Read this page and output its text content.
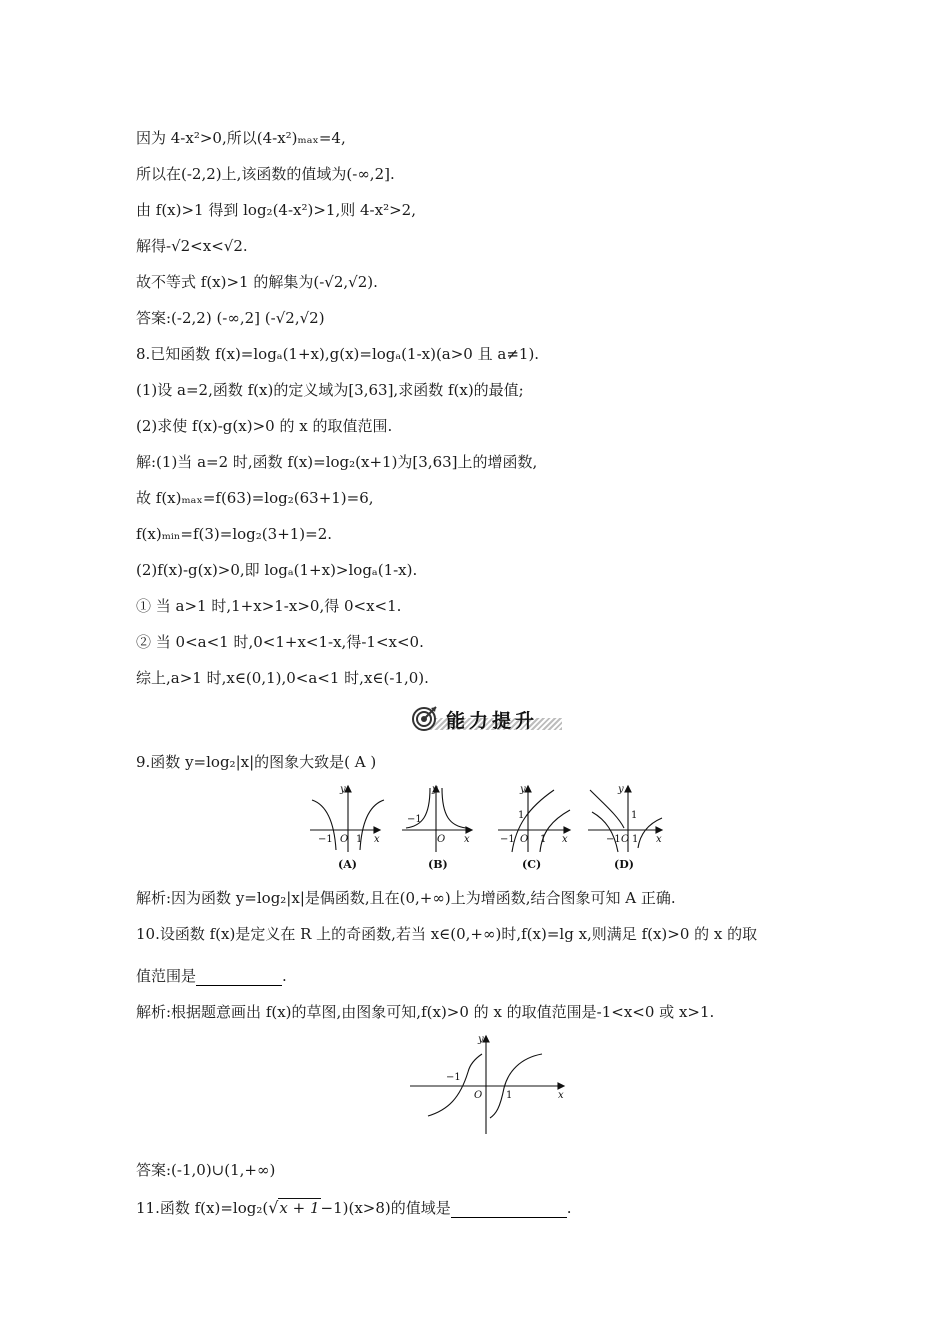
因为 4-x²>0,所以(4-x²)ₘₐₓ=4,
所以在(-2,2)上,该函数的值域为(-∞,2].
由 f(x)>1 得到 log₂(4-x²)>1,则 4-x²>2,
解得-√2<x<√2.
故不等式 f(x)>1 的解集为(-√2,√2).
答案:(-2,2) (-∞,2] (-√2,√2)
8.已知函数 f(x)=logₐ(1+x),g(x)=logₐ(1-x)(a>0 且 a≠1).
(1)设 a=2,函数 f(x)的定义域为[3,63],求函数 f(x)的最值;
(2)求使 f(x)-g(x)>0 的 x 的取值范围.
解:(1)当 a=2 时,函数 f(x)=log₂(x+1)为[3,63]上的增函数,
故 f(x)ₘₐₓ=f(63)=log₂(63+1)=6,
f(x)ₘᵢₙ=f(3)=log₂(3+1)=2.
(2)f(x)-g(x)>0,即 logₐ(1+x)>logₐ(1-x).
① 当 a>1 时,1+x>1-x>0,得 0<x<1.
② 当 0<a<1 时,0<1+x<1-x,得-1<x<0.
综上,a>1 时,x∈(0,1),0<a<1 时,x∈(-1,0).
能力提升
9.函数 y=log₂|x|的图象大致是( A )
y
x
O
y
x
O
y
x
O
y
x
O
−1 1
−1	1
−1	1
1
−1 1
(A)	(B)	(C)	(D)
解析:因为函数 y=log₂|x|是偶函数,且在(0,+∞)上为增函数,结合图象可知 A 正确.
10.设函数 f(x)是定义在 R 上的奇函数,若当 x∈(0,+∞)时,f(x)=lg x,则满足 f(x)>0 的 x 的取
值范围是	.
解析:根据题意画出 f(x)的草图,由图象可知,f(x)>0 的 x 的取值范围是-1<x<0 或 x>1.
y
x
O 1
−1
答案:(-1,0)∪(1,+∞)
11.函数 f(x)=log₂(√x + 1−1)(x>8)的值域是	.
